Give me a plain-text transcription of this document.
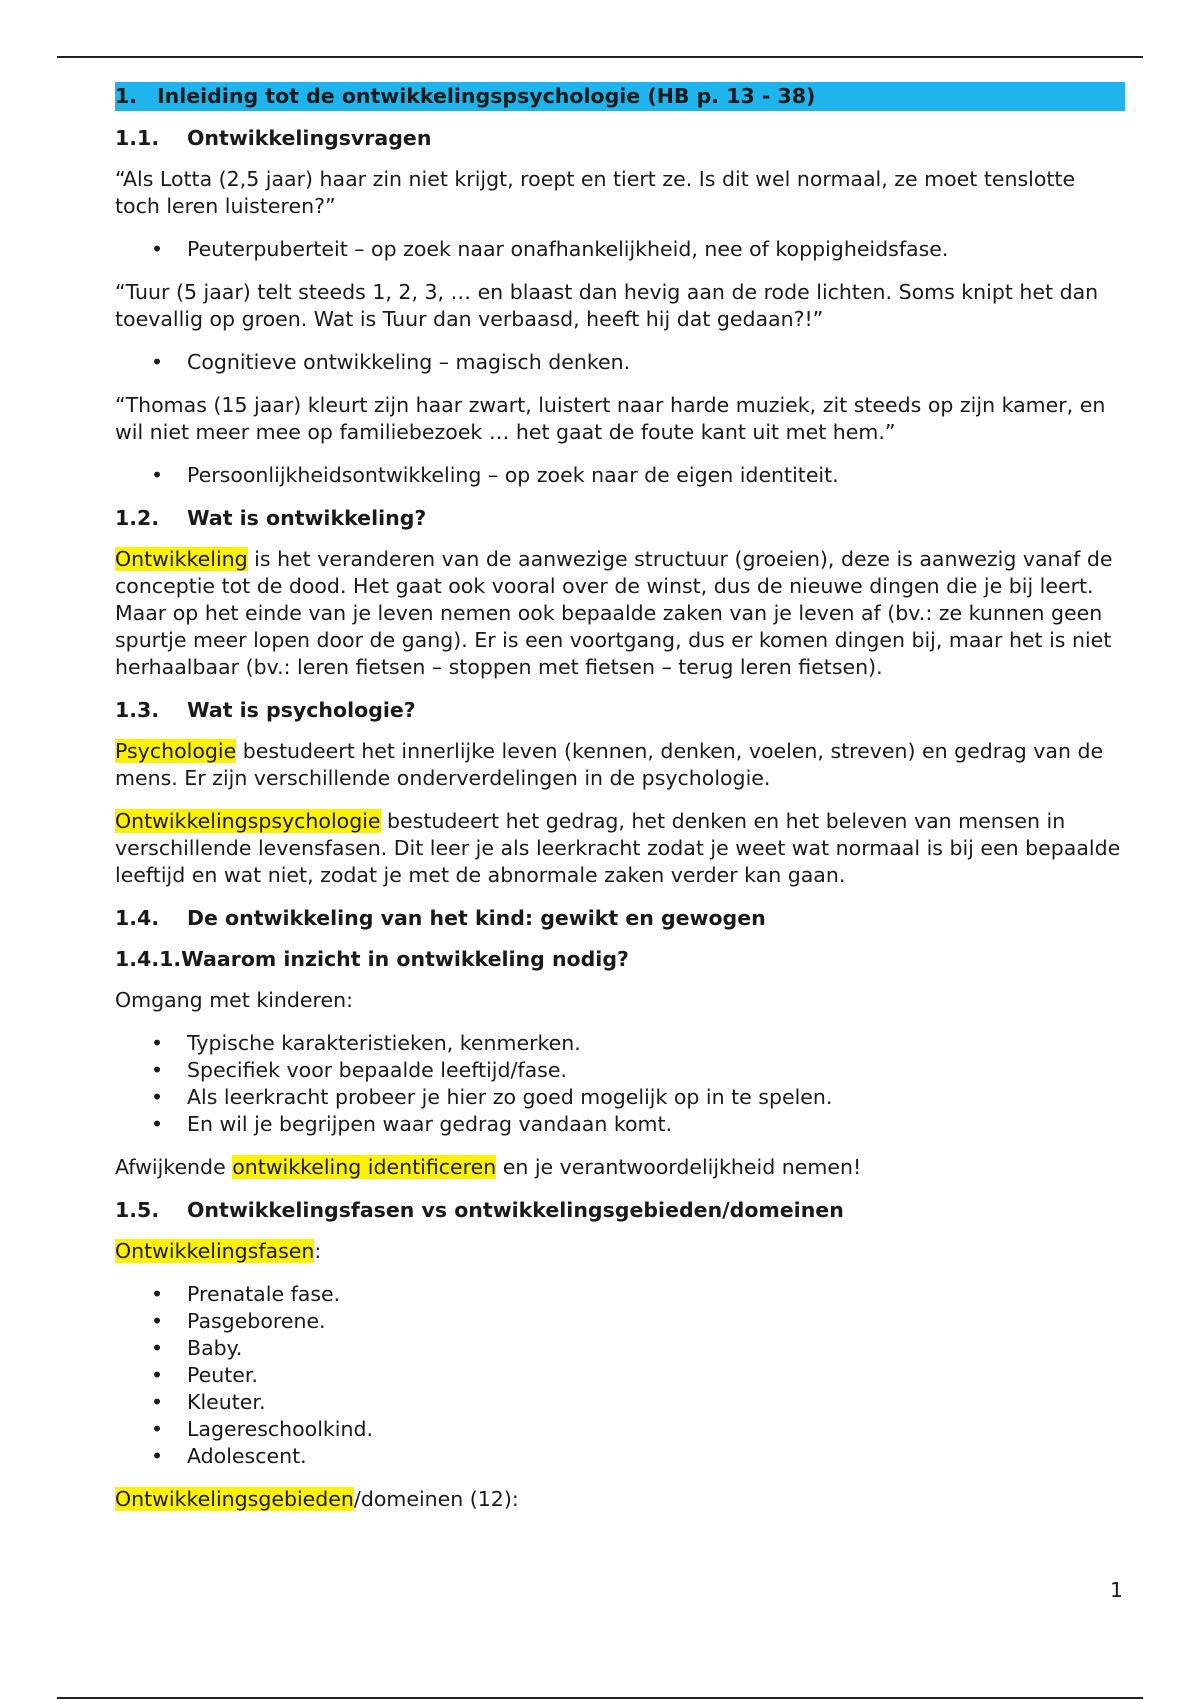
1. Inleiding tot de ontwikkelingspsychologie (HB p. 13 - 38)
1.1.	Ontwikkelingsvragen

“Als Lotta (2,5 jaar) haar zin niet krijgt, roept en tiert ze. Is dit wel normaal, ze moet tenslotte toch leren luisteren?”

• Peuterpuberteit – op zoek naar onafhankelijkheid, nee of koppigheidsfase.

“Tuur (5 jaar) telt steeds 1, 2, 3, … en blaast dan hevig aan de rode lichten. Soms knipt het dan toevallig op groen. Wat is Tuur dan verbaasd, heeft hij dat gedaan?!”

• Cognitieve ontwikkeling – magisch denken.

“Thomas (15 jaar) kleurt zijn haar zwart, luistert naar harde muziek, zit steeds op zijn kamer, en wil niet meer mee op familiebezoek … het gaat de foute kant uit met hem.”

• Persoonlijkheidsontwikkeling – op zoek naar de eigen identiteit.
1.2.	Wat is ontwikkeling?

Ontwikkeling is het veranderen van de aanwezige structuur (groeien), deze is aanwezig vanaf de conceptie tot de dood. Het gaat ook vooral over de winst, dus de nieuwe dingen die je bij leert. Maar op het einde van je leven nemen ook bepaalde zaken van je leven af (bv.: ze kunnen geen spurtje meer lopen door de gang). Er is een voortgang, dus er komen dingen bij, maar het is niet herhaalbaar (bv.: leren fietsen – stoppen met fietsen – terug leren fietsen).

1.3.	Wat is psychologie?

Psychologie bestudeert het innerlijke leven (kennen, denken, voelen, streven) en gedrag van de mens. Er zijn verschillende onderverdelingen in de psychologie.

Ontwikkelingspsychologie bestudeert het gedrag, het denken en het beleven van mensen in verschillende levensfasen. Dit leer je als leerkracht zodat je weet wat normaal is bij een bepaalde leeftijd en wat niet, zodat je met de abnormale zaken verder kan gaan.

1.4.	De ontwikkeling van het kind: gewikt en gewogen
1.4.1. Waarom inzicht in ontwikkeling nodig?

Omgang met kinderen:

• Typische karakteristieken, kenmerken.
• Specifiek voor bepaalde leeftijd/fase.
• Als leerkracht probeer je hier zo goed mogelijk op in te spelen.
• En wil je begrijpen waar gedrag vandaan komt.

Afwijkende ontwikkeling identificeren en je verantwoordelijkheid nemen!

1.5.	Ontwikkelingsfasen vs ontwikkelingsgebieden/domeinen

Ontwikkelingsfasen:

• Prenatale fase.
• Pasgeborene.
• Baby.
• Peuter.
• Kleuter.
• Lagereschoolkind.
• Adolescent.

Ontwikkelingsgebieden/domeinen (12):

1
